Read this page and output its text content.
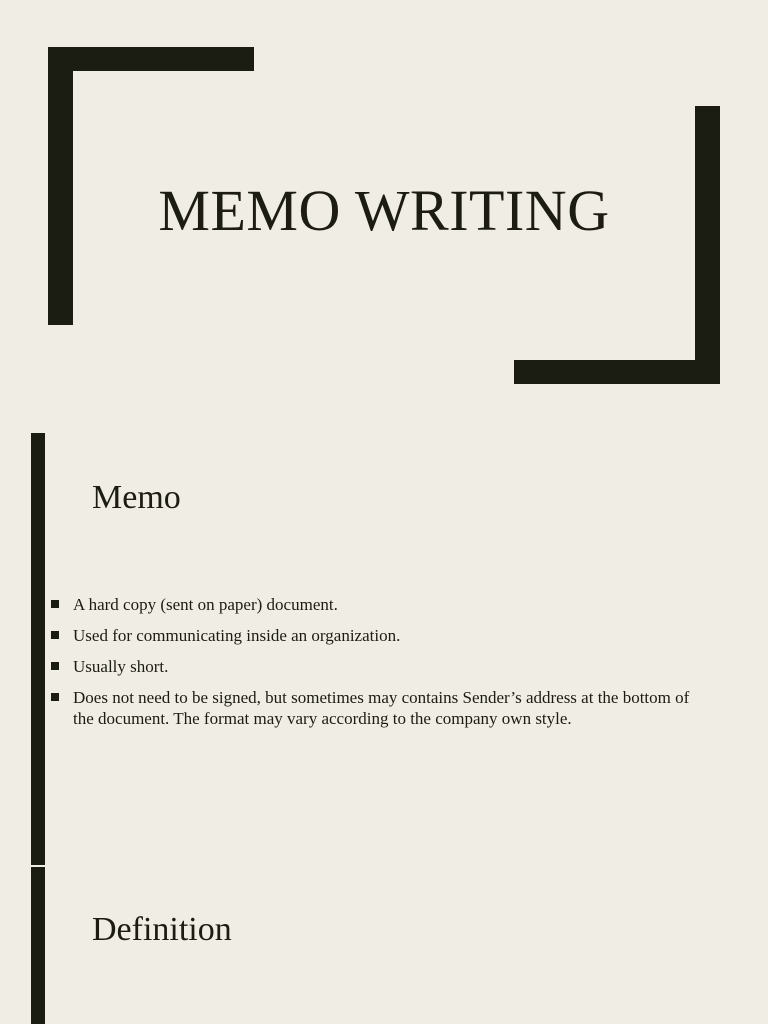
MEMO WRITING
Memo
A hard copy (sent on paper) document.
Used for communicating inside an organization.
Usually short.
Does not need to be signed, but sometimes may contains Sender’s address at the bottom of the document. The format may vary according to the company own style.
Definition
